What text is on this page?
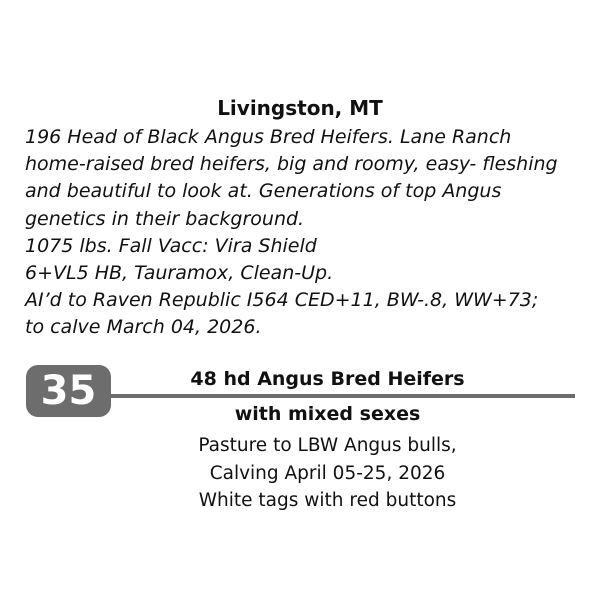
Livingston, MT
196 Head of Black Angus Bred Heifers. Lane Ranch
home-raised bred heifers, big and roomy, easy- fleshing
and beautiful to look at. Generations of top Angus
genetics in their background.
1075 lbs. Fall Vacc: Vira Shield
6+VL5 HB, Tauramox, Clean-Up.
AI’d to Raven Republic I564 CED+11, BW-.8, WW+73;
to calve March 04, 2026.
35	48 hd Angus Bred Heifers
with mixed sexes
Pasture to LBW Angus bulls,
Calving April 05-25, 2026
White tags with red buttons
